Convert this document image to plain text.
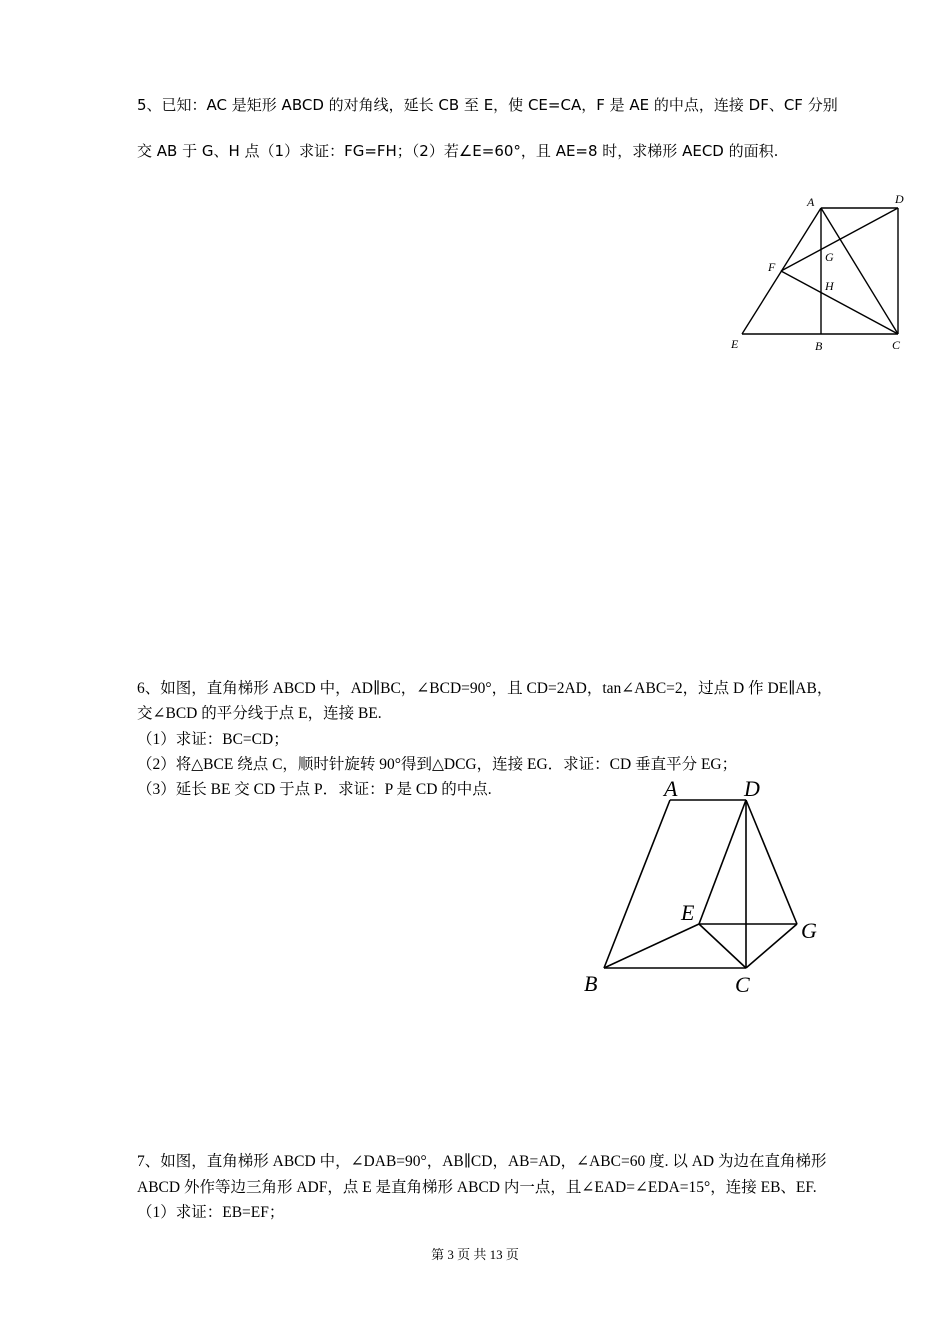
5、已知：AC 是矩形 ABCD 的对角线，延长 CB 至 E，使 CE=CA，F 是 AE 的中点，连接 DF、CF 分别
交 AB 于 G、H 点（1）求证：FG=FH；（2）若∠E=60°，且 AE=8 时，求梯形 AECD 的面积.
A	D
F
G
H
E	B	C
6、如图，直角梯形 ABCD 中，AD∥BC，∠BCD=90°，且 CD=2AD，tan∠ABC=2，过点 D 作 DE∥AB，
交∠BCD 的平分线于点 E，连接 BE.
（1）求证：BC=CD；
（2）将△BCE 绕点 C，顺时针旋转 90°得到△DCG，连接 EG．求证：CD 垂直平分 EG；
（3）延长 BE 交 CD 于点 P．求证：P 是 CD 的中点.	A	D
E
G
B	C
7、如图，直角梯形 ABCD 中，∠DAB=90°，AB∥CD，AB=AD，∠ABC=60 度. 以 AD 为边在直角梯形
ABCD 外作等边三角形 ADF，点 E 是直角梯形 ABCD 内一点，且∠EAD=∠EDA=15°，连接 EB、EF.
（1）求证：EB=EF；
第 3 页 共 13 页
